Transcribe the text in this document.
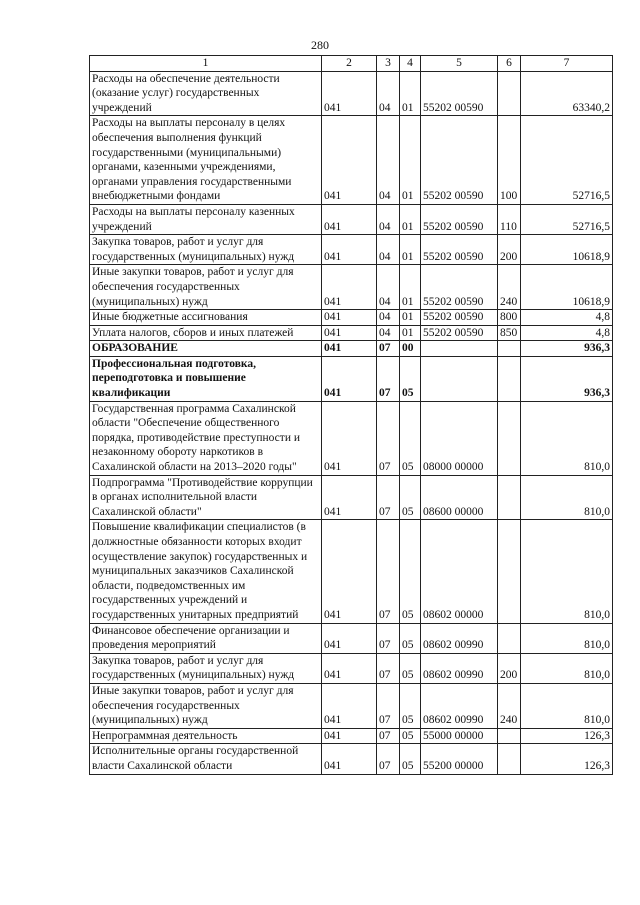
280
1	2	3	4	5	6	7
Расходы на обеспечение деятельности (оказание услуг) государственных учреждений	041	04	01	55202 00590		63340,2
Расходы на выплаты персоналу в целях обеспечения выполнения функций государственными (муниципальными) органами, казенными учреждениями, органами управления государственными внебюджетными фондами	041	04	01	55202 00590	100	52716,5
Расходы на выплаты персоналу казенных учреждений	041	04	01	55202 00590	110	52716,5
Закупка товаров, работ и услуг для государственных (муниципальных) нужд	041	04	01	55202 00590	200	10618,9
Иные закупки товаров, работ и услуг для обеспечения государственных (муниципальных) нужд	041	04	01	55202 00590	240	10618,9
Иные бюджетные ассигнования	041	04	01	55202 00590	800	4,8
Уплата налогов, сборов и иных платежей	041	04	01	55202 00590	850	4,8
ОБРАЗОВАНИЕ	041	07	00			936,3
Профессиональная подготовка, переподготовка и повышение квалификации	041	07	05			936,3
Государственная программа Сахалинской области "Обеспечение общественного порядка, противодействие преступности и незаконному обороту наркотиков в Сахалинской области на 2013–2020 годы"	041	07	05	08000 00000		810,0
Подпрограмма "Противодействие коррупции в органах исполнительной власти Сахалинской области"	041	07	05	08600 00000		810,0
Повышение квалификации специалистов (в должностные обязанности которых входит осуществление закупок) государственных и муниципальных заказчиков Сахалинской области, подведомственных им государственных учреждений и государственных унитарных предприятий	041	07	05	08602 00000		810,0
Финансовое обеспечение организации и проведения мероприятий	041	07	05	08602 00990		810,0
Закупка товаров, работ и услуг для государственных (муниципальных) нужд	041	07	05	08602 00990	200	810,0
Иные закупки товаров, работ и услуг для обеспечения государственных (муниципальных) нужд	041	07	05	08602 00990	240	810,0
Непрограммная деятельность	041	07	05	55000 00000		126,3
Исполнительные органы государственной власти Сахалинской области	041	07	05	55200 00000		126,3
